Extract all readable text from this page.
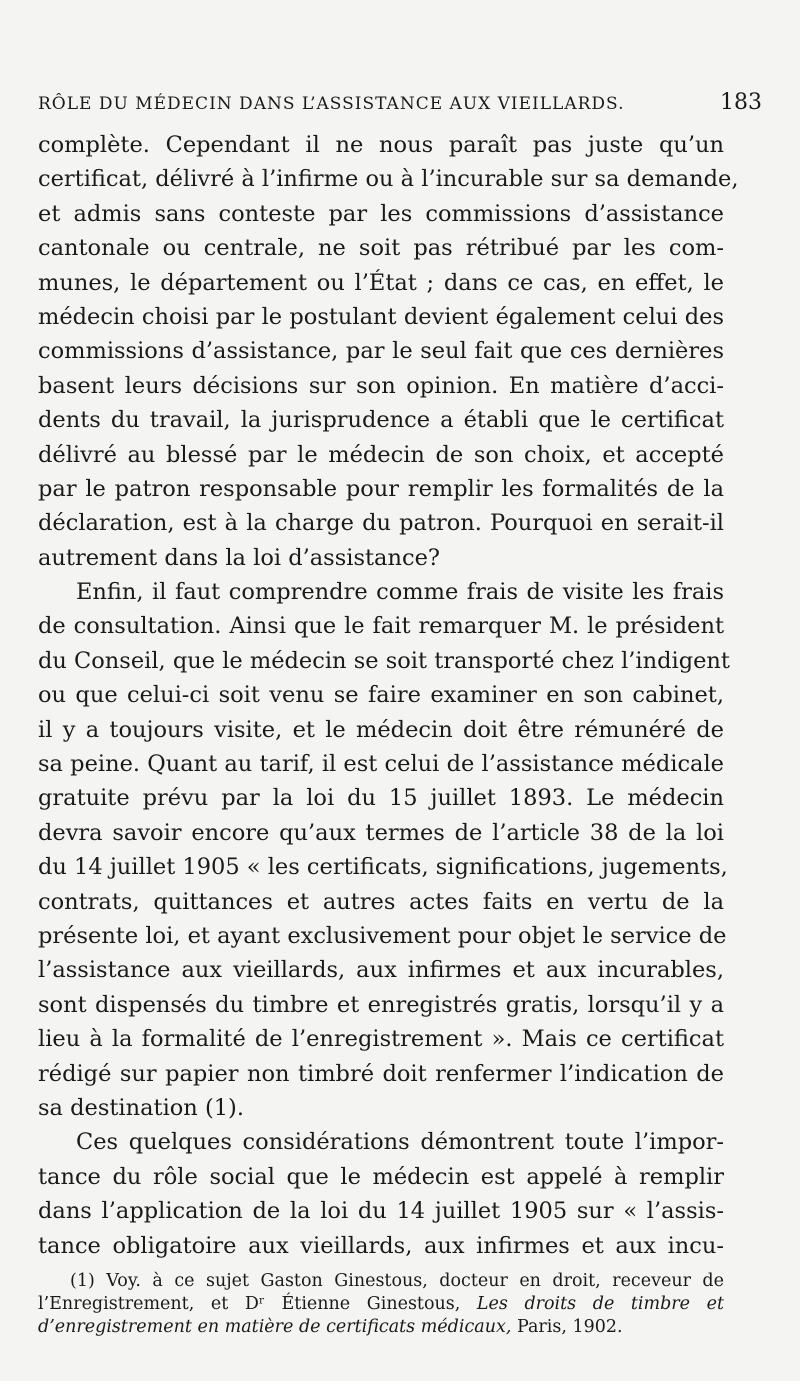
RÔLE DU MÉDECIN DANS L’ASSISTANCE AUX VIEILLARDS.	183
complète. Cependant il ne nous paraît pas juste qu’un
certificat, délivré à l’infirme ou à l’incurable sur sa demande,
et admis sans conteste par les commissions d’assistance
cantonale ou centrale, ne soit pas rétribué par les com-
munes, le département ou l’État ; dans ce cas, en effet, le
médecin choisi par le postulant devient également celui des
commissions d’assistance, par le seul fait que ces dernières
basent leurs décisions sur son opinion. En matière d’acci-
dents du travail, la jurisprudence a établi que le certificat
délivré au blessé par le médecin de son choix, et accepté
par le patron responsable pour remplir les formalités de la
déclaration, est à la charge du patron. Pourquoi en serait-il
autrement dans la loi d’assistance?
Enfin, il faut comprendre comme frais de visite les frais
de consultation. Ainsi que le fait remarquer M. le président
du Conseil, que le médecin se soit transporté chez l’indigent
ou que celui-ci soit venu se faire examiner en son cabinet,
il y a toujours visite, et le médecin doit être rémunéré de
sa peine. Quant au tarif, il est celui de l’assistance médicale
gratuite prévu par la loi du 15 juillet 1893. Le médecin
devra savoir encore qu’aux termes de l’article 38 de la loi
du 14 juillet 1905 « les certificats, significations, jugements,
contrats, quittances et autres actes faits en vertu de la
présente loi, et ayant exclusivement pour objet le service de
l’assistance aux vieillards, aux infirmes et aux incurables,
sont dispensés du timbre et enregistrés gratis, lorsqu’il y a
lieu à la formalité de l’enregistrement ». Mais ce certificat
rédigé sur papier non timbré doit renfermer l’indication de
sa destination (1).
Ces quelques considérations démontrent toute l’impor-
tance du rôle social que le médecin est appelé à remplir
dans l’application de la loi du 14 juillet 1905 sur « l’assis-
tance obligatoire aux vieillards, aux infirmes et aux incu-
(1) Voy. à ce sujet Gaston Ginestous, docteur en droit, receveur de
l’Enregistrement, et Dʳ Étienne Ginestous, Les droits de timbre et
d’enregistrement en matière de certificats médicaux, Paris, 1902.
